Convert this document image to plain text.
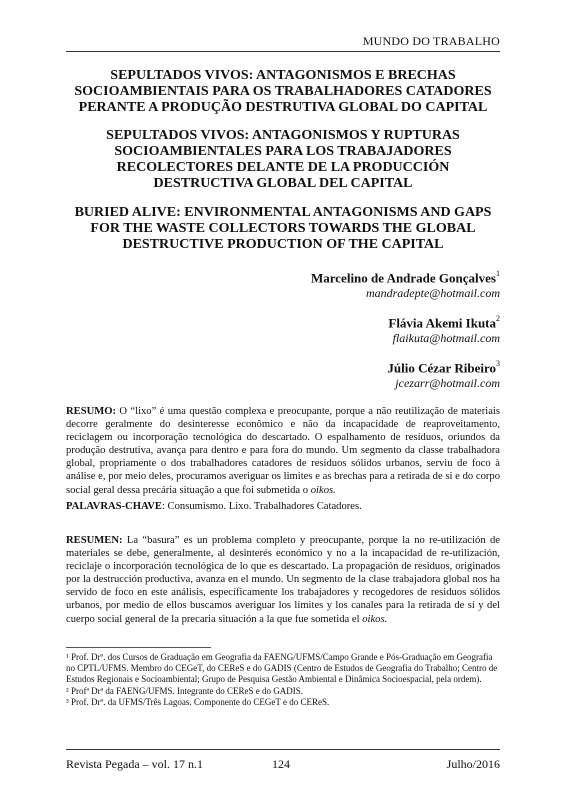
MUNDO DO TRABALHO
SEPULTADOS VIVOS: ANTAGONISMOS E BRECHAS
SOCIOAMBIENTAIS PARA OS TRABALHADORES CATADORES
PERANTE A PRODUÇÃO DESTRUTIVA GLOBAL DO CAPITAL
SEPULTADOS VIVOS: ANTAGONISMOS Y RUPTURAS
SOCIOAMBIENTALES PARA LOS TRABAJADORES
RECOLECTORES DELANTE DE LA PRODUCCIÓN
DESTRUCTIVA GLOBAL DEL CAPITAL
BURIED ALIVE: ENVIRONMENTAL ANTAGONISMS AND GAPS
FOR THE WASTE COLLECTORS TOWARDS THE GLOBAL
DESTRUCTIVE PRODUCTION OF THE CAPITAL
Marcelino de Andrade Gonçalves$^1$
mandradepte@hotmail.com
Flávia Akemi Ikuta$^2$
flaikuta@hotmail.com
Júlio Cézar Ribeiro$^3$
jcezarr@hotmail.com
RESUMO: O “lixo” é uma questão complexa e preocupante, porque a não reutilização de materiais decorre geralmente do desinteresse econômico e não da incapacidade de reaproveitamento, reciclagem ou incorporação tecnológica do descartado. O espalhamento de resíduos, oriundos da produção destrutiva, avança para dentro e para fora do mundo. Um segmento da classe trabalhadora global, propriamente o dos trabalhadores catadores de resíduos sólidos urbanos, serviu de foco à análise e, por meio deles, procuramos averiguar os limites e as brechas para a retirada de si e do corpo social geral dessa precária situação a que foi submetida o oikos.
PALAVRAS-CHAVE: Consumismo. Lixo. Trabalhadores Catadores.
RESUMEN: La “basura” es un problema completo y preocupante, porque la no re-utilización de materiales se debe, generalmente, al desinterés económico y no a la incapacidad de re-utilización, reciclaje o incorporación tecnológica de lo que es descartado. La propagación de residuos, originados por la destrucción productiva, avanza en el mundo. Un segmento de la clase trabajadora global nos ha servido de foco en este análisis, específicamente los trabajadores y recogedores de residuos sólidos urbanos, por medio de ellos buscamos averiguar los límites y los canales para la retirada de sí y del cuerpo social general de la precaria situación a la que fue sometida el oikos.

¹ Prof. Drº. dos Cursos de Graduação em Geografia da FAENG/UFMS/Campo Grande e Pós-Graduação em Geografia no CPTL/UFMS. Membro do CEGeT, do CEReS e do GADIS (Centro de Estudos de Geografia do Trabalho; Centro de Estudos Regionais e Socioambiental; Grupo de Pesquisa Gestão Ambiental e Dinâmica Socioespacial, pela ordem).

² Profª Drª da FAENG/UFMS. Integrante do CEReS e do GADIS.

³ Prof. Drº. da UFMS/Três Lagoas. Componente do CEGeT e do CEReS.

Revista Pegada – vol. 17 n.1	124	Julho/2016
